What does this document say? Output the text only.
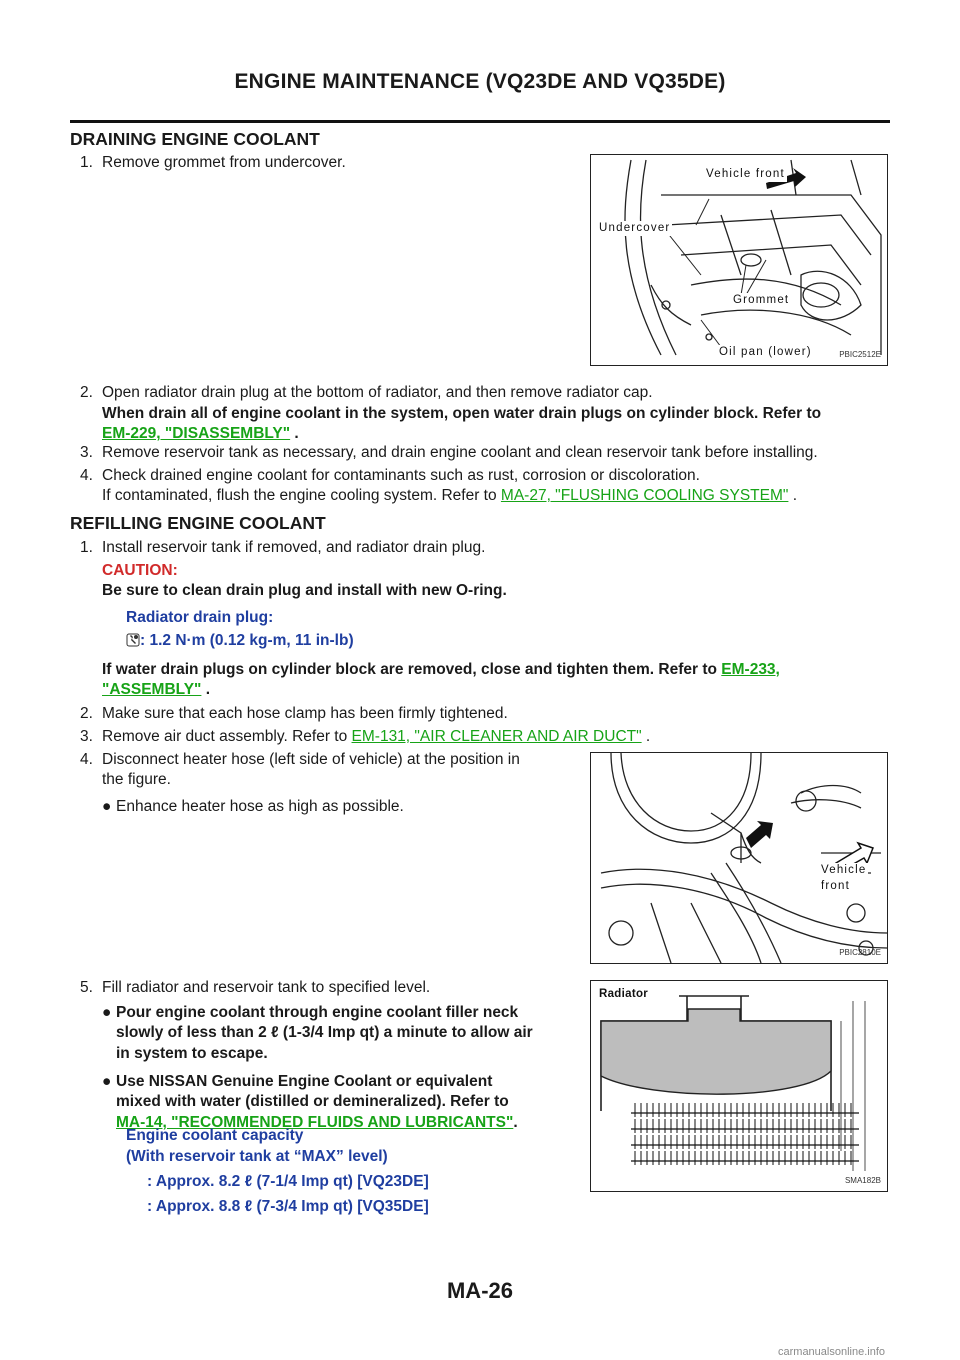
ENGINE MAINTENANCE (VQ23DE AND VQ35DE)
DRAINING ENGINE COOLANT
1. Remove grommet from undercover.
Vehicle front
Undercover
Grommet
Oil pan (lower)	PBIC2512E
2. Open radiator drain plug at the bottom of radiator, and then remove radiator cap.
When drain all of engine coolant in the system, open water drain plugs on cylinder block. Refer to
EM-229, "DISASSEMBLY" .
3. Remove reservoir tank as necessary, and drain engine coolant and clean reservoir tank before installing.
4. Check drained engine coolant for contaminants such as rust, corrosion or discoloration.
If contaminated, flush the engine cooling system. Refer to MA-27, "FLUSHING COOLING SYSTEM" .
REFILLING ENGINE COOLANT
1. Install reservoir tank if removed, and radiator drain plug.
CAUTION:
Be sure to clean drain plug and install with new O-ring.
Radiator drain plug:
: 1.2 N·m (0.12 kg-m, 11 in-lb)
If water drain plugs on cylinder block are removed, close and tighten them. Refer to EM-233,
"ASSEMBLY" .
2. Make sure that each hose clamp has been firmly tightened.
3. Remove air duct assembly. Refer to EM-131, "AIR CLEANER AND AIR DUCT" .
4. Disconnect heater hose (left side of vehicle) at the position in
the figure.
● Enhance heater hose as high as possible.
Vehicle
front
PBIC2810E
5. Fill radiator and reservoir tank to specified level.
● Pour engine coolant through engine coolant filler neck
slowly of less than 2 ℓ (1-3/4 Imp qt) a minute to allow air
in system to escape.
● Use NISSAN Genuine Engine Coolant or equivalent
mixed with water (distilled or demineralized). Refer to
MA-14, "RECOMMENDED FLUIDS AND LUBRICANTS".
Radiator
SMA182B
Engine coolant capacity
(With reservoir tank at “MAX” level)
: Approx. 8.2 ℓ (7-1/4 Imp qt) [VQ23DE]
: Approx. 8.8 ℓ (7-3/4 Imp qt) [VQ35DE]
MA-26
carmanualsonline.info
